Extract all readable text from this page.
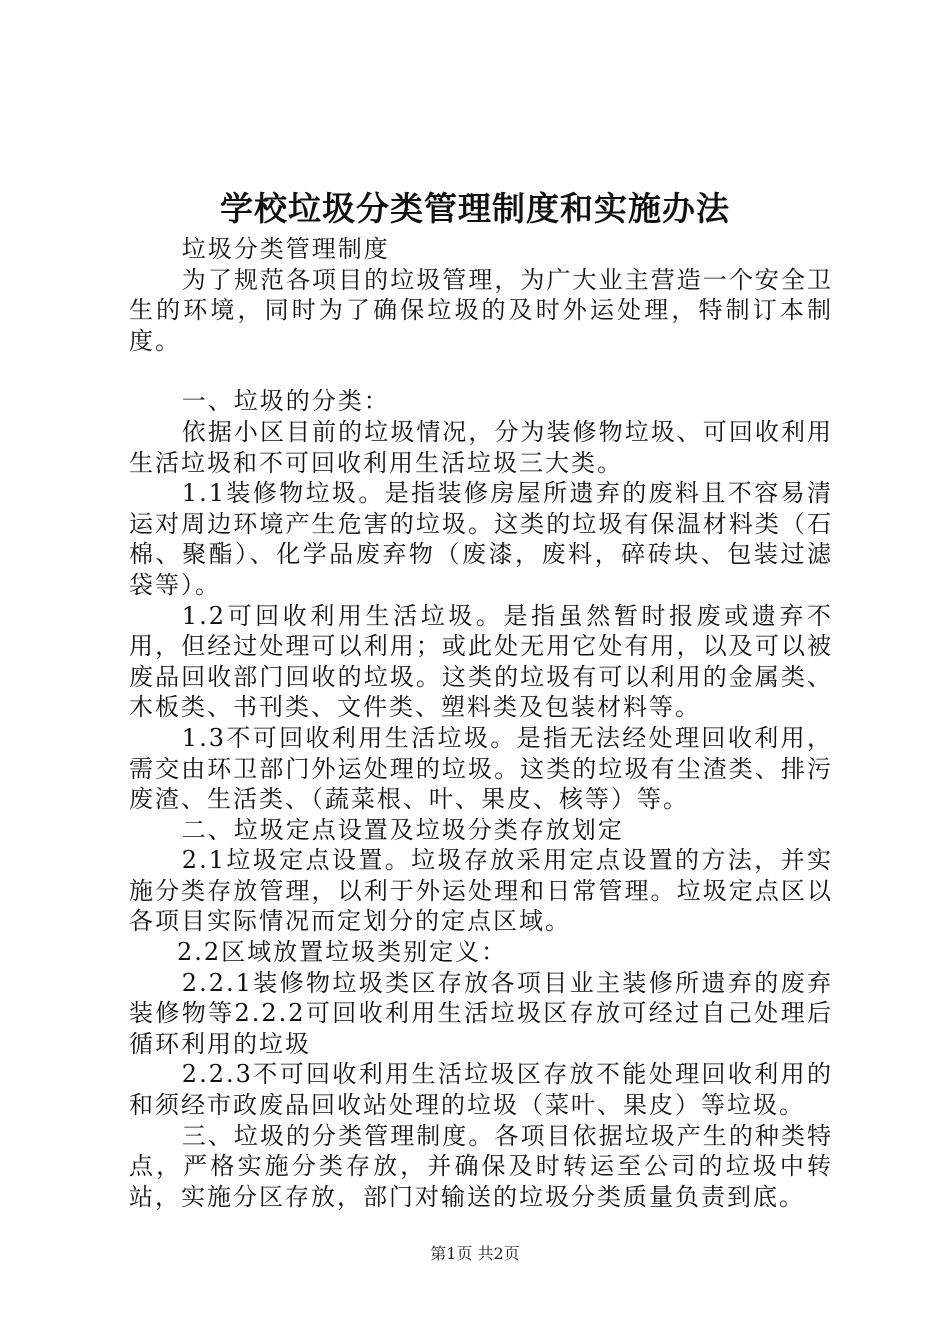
学校垃圾分类管理制度和实施办法

垃圾分类管理制度

为了规范各项目的垃圾管理，为广大业主营造一个安全卫生的环境，同时为了确保垃圾的及时外运处理，特制订本制度。

一、垃圾的分类：

依据小区目前的垃圾情况，分为装修物垃圾、可回收利用生活垃圾和不可回收利用生活垃圾三大类。

1.1装修物垃圾。是指装修房屋所遗弃的废料且不容易清运对周边环境产生危害的垃圾。这类的垃圾有保温材料类（石棉、聚酯）、化学品废弃物（废漆，废料，碎砖块、包装过滤袋等）。

1.2可回收利用生活垃圾。是指虽然暂时报废或遗弃不用，但经过处理可以利用；或此处无用它处有用，以及可以被废品回收部门回收的垃圾。这类的垃圾有可以利用的金属类、木板类、书刊类、文件类、塑料类及包装材料等。

1.3不可回收利用生活垃圾。是指无法经处理回收利用，需交由环卫部门外运处理的垃圾。这类的垃圾有尘渣类、排污废渣、生活类、（蔬菜根、叶、果皮、核等）等。

二、垃圾定点设置及垃圾分类存放划定

2.1垃圾定点设置。垃圾存放采用定点设置的方法，并实施分类存放管理，以利于外运处理和日常管理。垃圾定点区以各项目实际情况而定划分的定点区域。

2.2区域放置垃圾类别定义：

2.2.1装修物垃圾类区存放各项目业主装修所遗弃的废弃装修物等2.2.2可回收利用生活垃圾区存放可经过自己处理后循环利用的垃圾

2.2.3不可回收利用生活垃圾区存放不能处理回收利用的和须经市政废品回收站处理的垃圾（菜叶、果皮）等垃圾。

三、垃圾的分类管理制度。各项目依据垃圾产生的种类特点，严格实施分类存放，并确保及时转运至公司的垃圾中转站，实施分区存放，部门对输送的垃圾分类质量负责到底。

第1页 共2页
